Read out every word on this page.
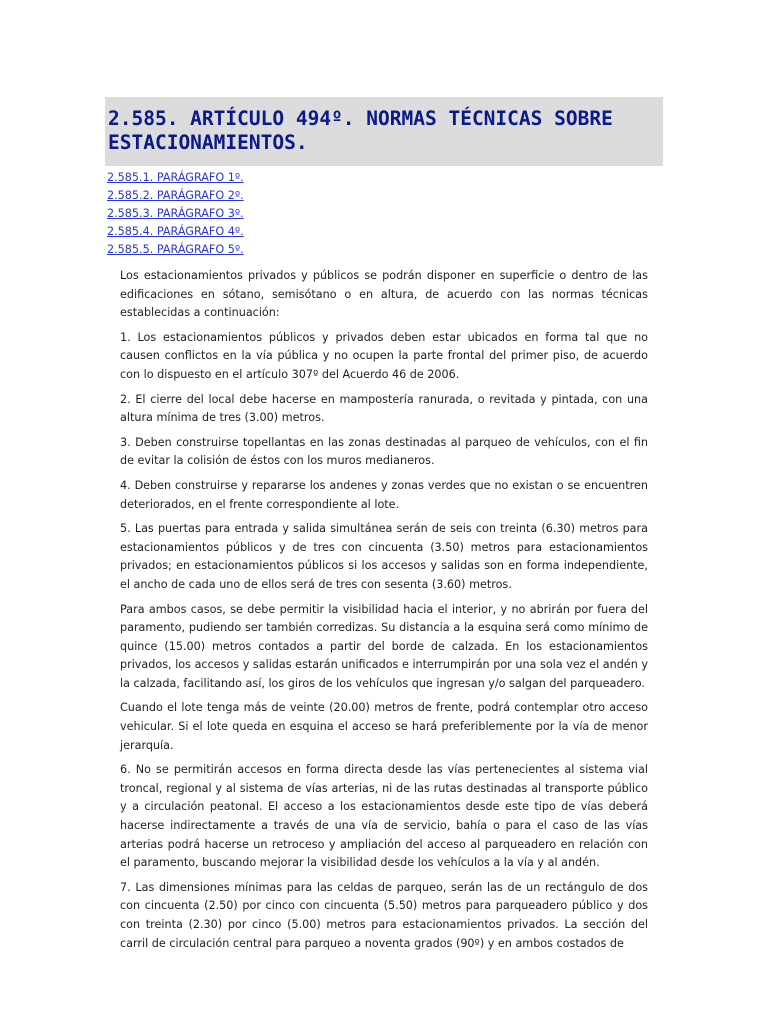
2.585. ARTÍCULO 494º. NORMAS TÉCNICAS SOBRE ESTACIONAMIENTOS.
2.585.1. PARÁGRAFO 1º.
2.585.2. PARÁGRAFO 2º.
2.585.3. PARÁGRAFO 3º.
2.585.4. PARÁGRAFO 4º.
2.585.5. PARÁGRAFO 5º.

Los estacionamientos privados y públicos se podrán disponer en superficie o dentro de las edificaciones en sótano, semisótano o en altura, de acuerdo con las normas técnicas establecidas a continuación:

1. Los estacionamientos públicos y privados deben estar ubicados en forma tal que no causen conflictos en la vía pública y no ocupen la parte frontal del primer piso, de acuerdo con lo dispuesto en el artículo 307º del Acuerdo 46 de 2006.

2. El cierre del local debe hacerse en mampostería ranurada, o revitada y pintada, con una altura mínima de tres (3.00) metros.

3. Deben construirse topellantas en las zonas destinadas al parqueo de vehículos, con el fin de evitar la colisión de éstos con los muros medianeros.

4. Deben construirse y repararse los andenes y zonas verdes que no existan o se encuentren deteriorados, en el frente correspondiente al lote.

5. Las puertas para entrada y salida simultánea serán de seis con treinta (6.30) metros para estacionamientos públicos y de tres con cincuenta (3.50) metros para estacionamientos privados; en estacionamientos públicos si los accesos y salidas son en forma independiente, el ancho de cada uno de ellos será de tres con sesenta (3.60) metros.

Para ambos casos, se debe permitir la visibilidad hacia el interior, y no abrirán por fuera del paramento, pudiendo ser también corredizas. Su distancia a la esquina será como mínimo de quince (15.00) metros contados a partir del borde de calzada. En los estacionamientos privados, los accesos y salidas estarán unificados e interrumpirán por una sola vez el andén y la calzada, facilitando así, los giros de los vehículos que ingresan y/o salgan del parqueadero.

Cuando el lote tenga más de veinte (20.00) metros de frente, podrá contemplar otro acceso vehicular. Si el lote queda en esquina el acceso se hará preferiblemente por la vía de menor jerarquía.

6. No se permitirán accesos en forma directa desde las vías pertenecientes al sistema vial troncal, regional y al sistema de vías arterias, ni de las rutas destinadas al transporte público y a circulación peatonal. El acceso a los estacionamientos desde este tipo de vías deberá hacerse indirectamente a través de una vía de servicio, bahía o para el caso de las vías arterias podrá hacerse un retroceso y ampliación del acceso al parqueadero en relación con el paramento, buscando mejorar la visibilidad desde los vehículos a la vía y al andén.

7. Las dimensiones mínimas para las celdas de parqueo, serán las de un rectángulo de dos con cincuenta (2.50) por cinco con cincuenta (5.50) metros para parqueadero público y dos con treinta (2.30) por cinco (5.00) metros para estacionamientos privados. La sección del carril de circulación central para parqueo a noventa grados (90º) y en ambos costados de
